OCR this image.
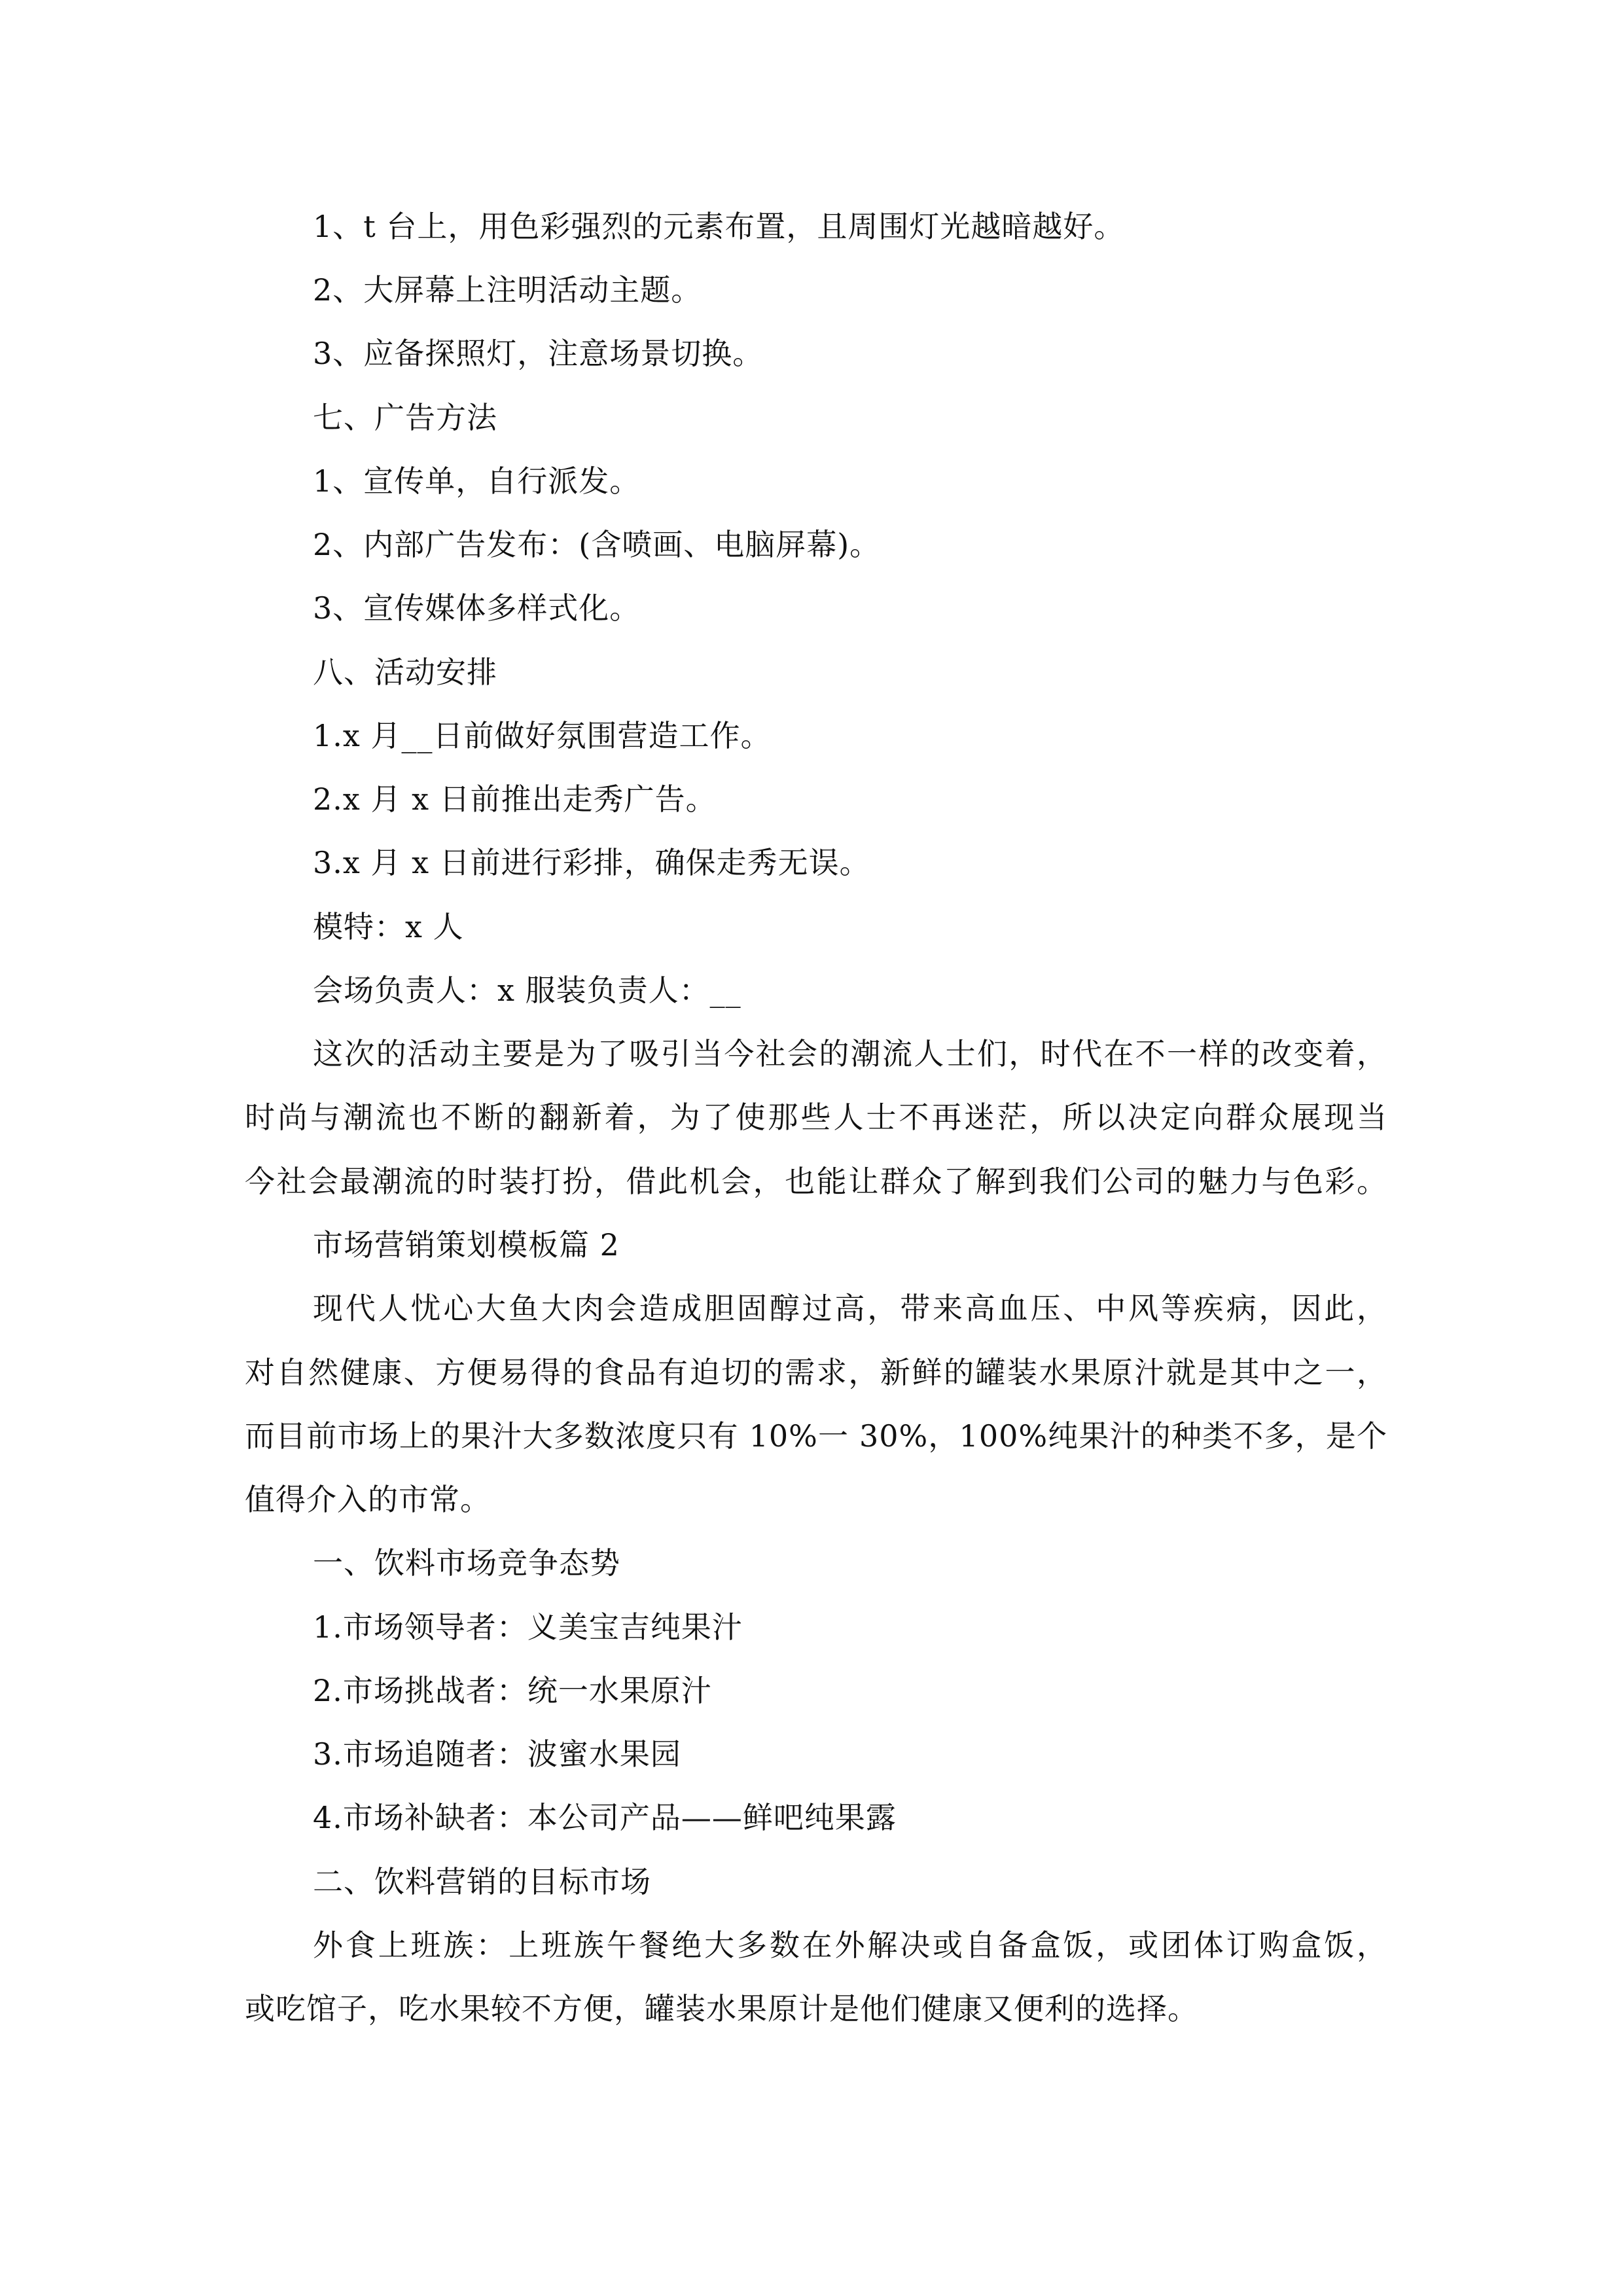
1、t 台上，用色彩强烈的元素布置，且周围灯光越暗越好。
2、大屏幕上注明活动主题。
3、应备探照灯，注意场景切换。
七、广告方法
1、宣传单，自行派发。
2、内部广告发布：(含喷画、电脑屏幕)。
3、宣传媒体多样式化。
八、活动安排
1.x 月__日前做好氛围营造工作。
2.x 月 x 日前推出走秀广告。
3.x 月 x 日前进行彩排，确保走秀无误。
模特：x 人
会场负责人：x 服装负责人：__
这次的活动主要是为了吸引当今社会的潮流人士们，时代在不一样的改变着，
时尚与潮流也不断的翻新着，为了使那些人士不再迷茫，所以决定向群众展现当
今社会最潮流的时装打扮，借此机会，也能让群众了解到我们公司的魅力与色彩。
市场营销策划模板篇 2
现代人忧心大鱼大肉会造成胆固醇过高，带来高血压、中风等疾病，因此，
对自然健康、方便易得的食品有迫切的需求，新鲜的罐装水果原汁就是其中之一，
而目前市场上的果汁大多数浓度只有 10%一 30%，100%纯果汁的种类不多，是个
值得介入的市常。
一、饮料市场竞争态势
1.市场领导者：义美宝吉纯果汁
2.市场挑战者：统一水果原汁
3.市场追随者：波蜜水果园
4.市场补缺者：本公司产品——鲜吧纯果露
二、饮料营销的目标市场
外食上班族：上班族午餐绝大多数在外解决或自备盒饭，或团体订购盒饭，
或吃馆子，吃水果较不方便，罐装水果原计是他们健康又便利的选择。
